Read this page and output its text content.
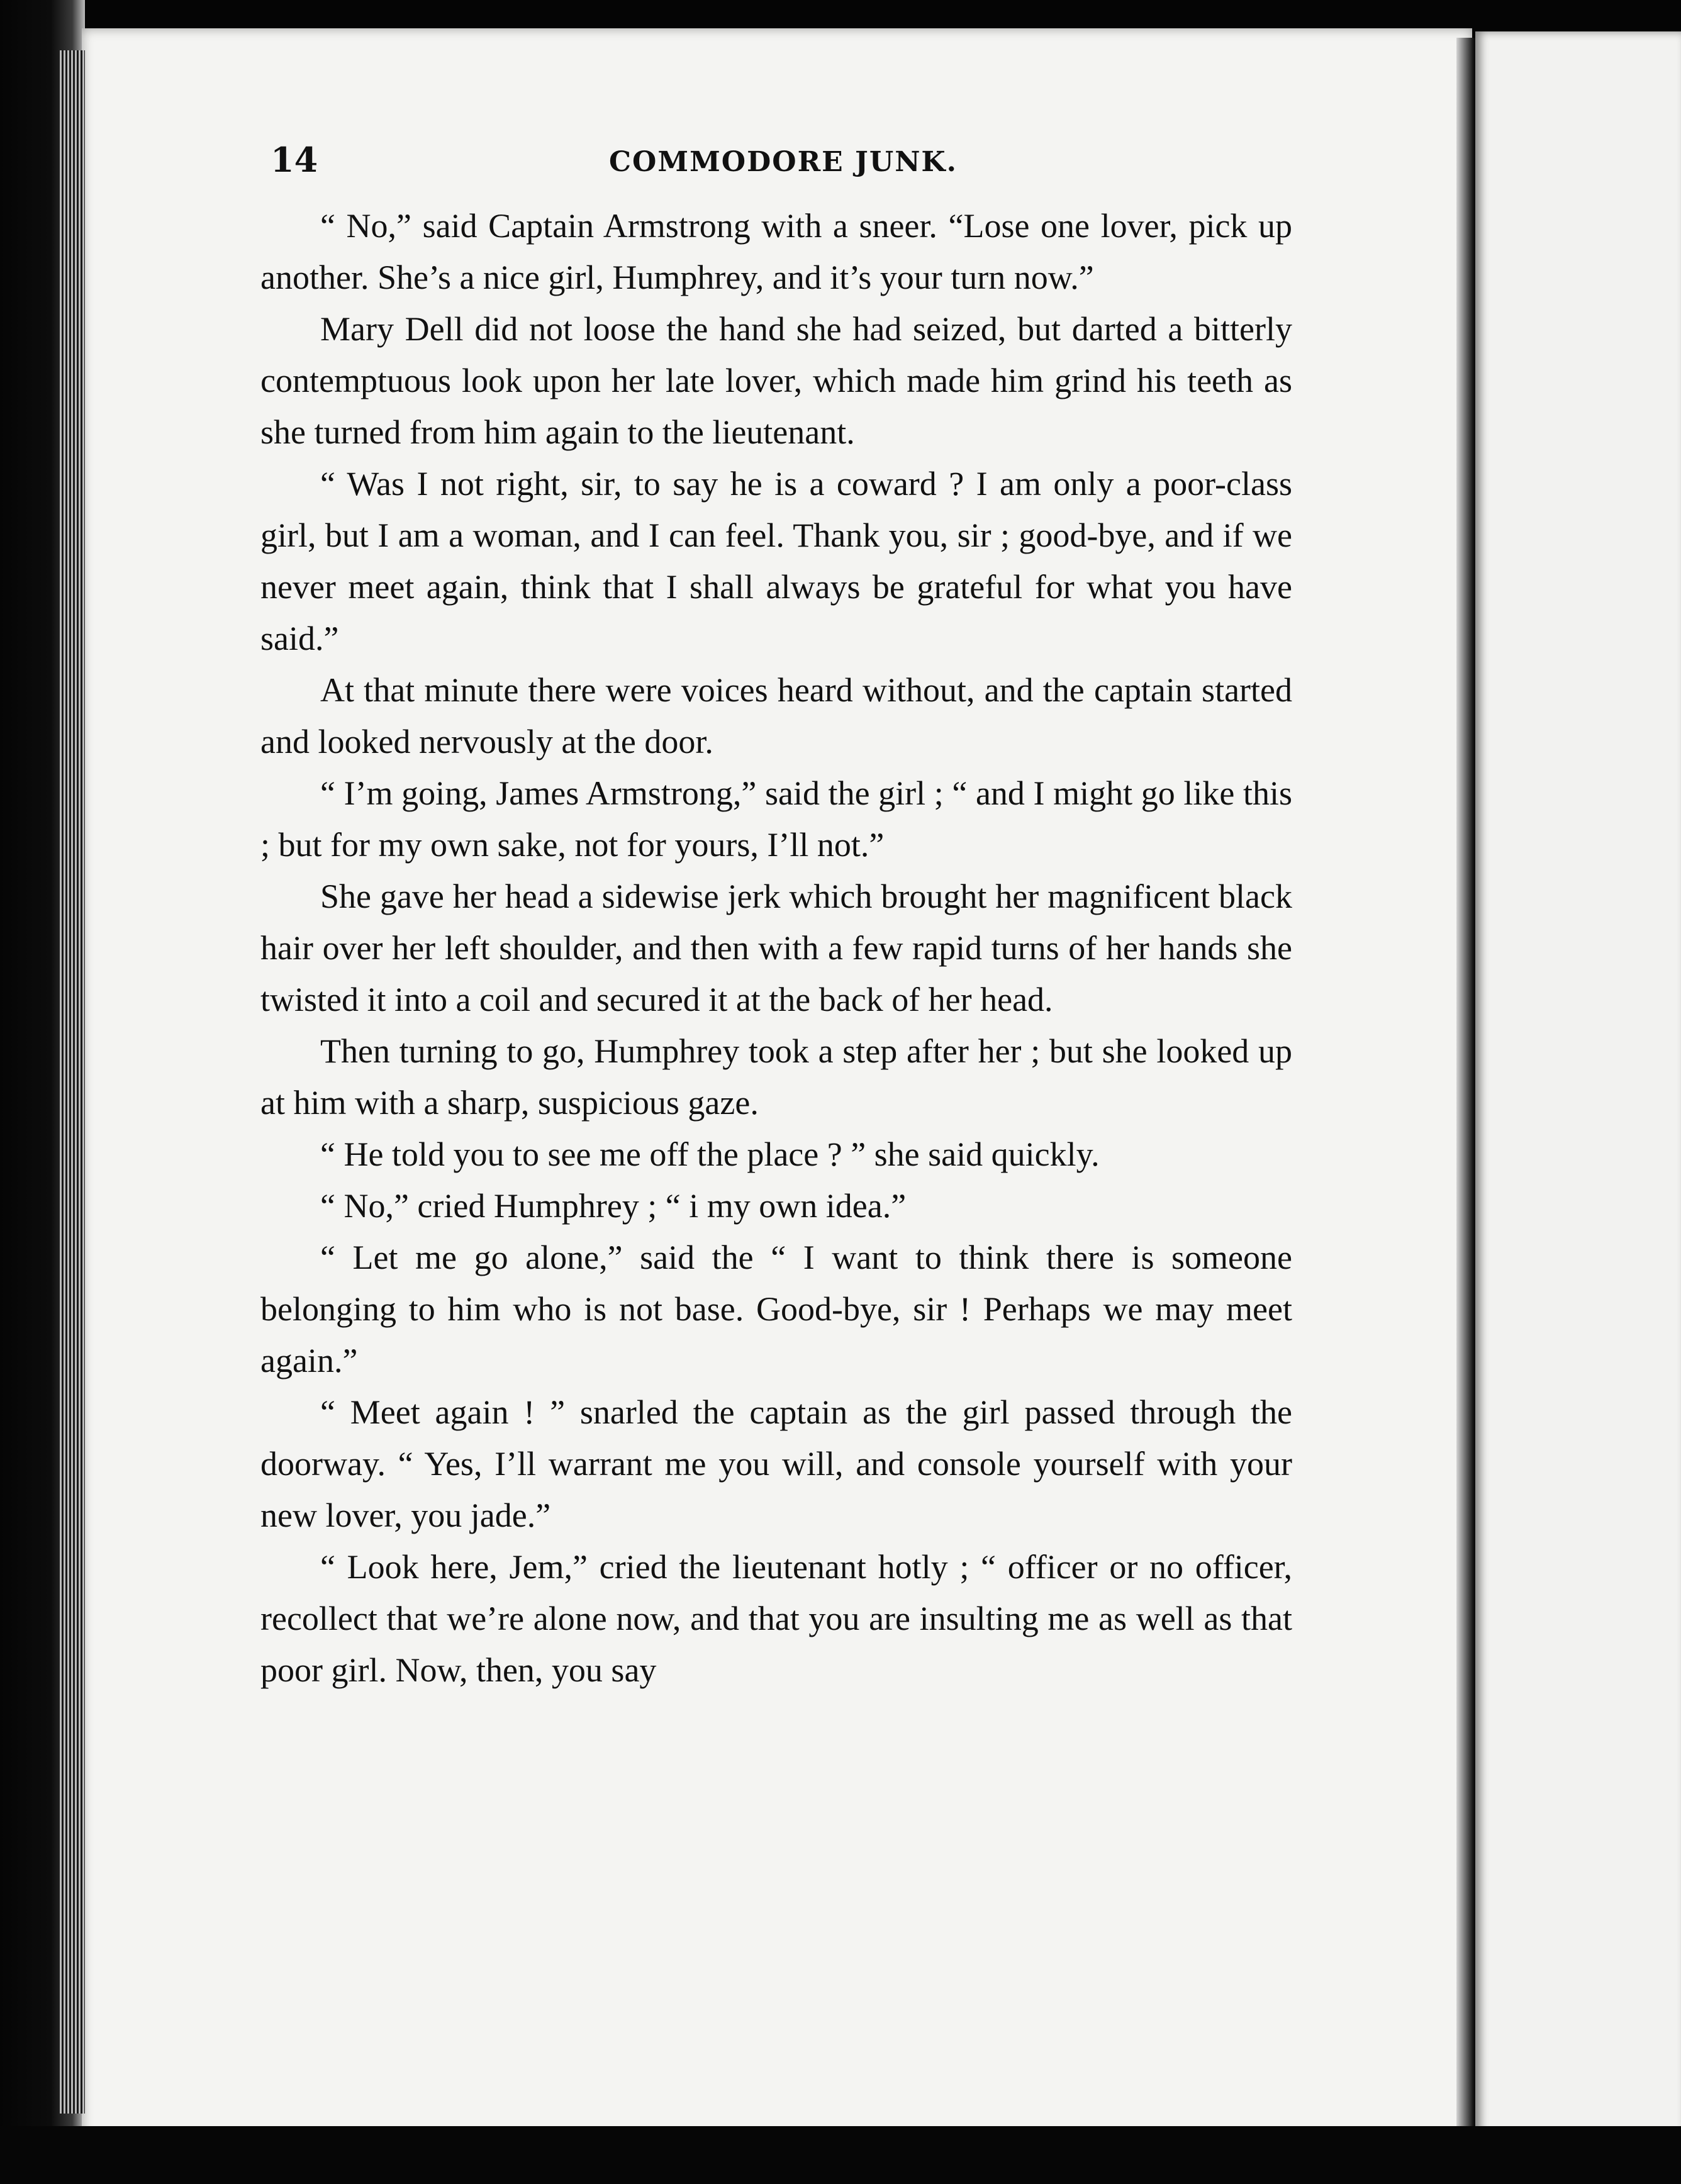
14	COMMODORE JUNK.

“ No,” said Captain Armstrong with a sneer. “Lose one lover, pick up another. She’s a nice girl, Humphrey, and it’s your turn now.”

Mary Dell did not loose the hand she had seized, but darted a bitterly contemptuous look upon her late lover, which made him grind his teeth as she turned from him again to the lieutenant.

“ Was I not right, sir, to say he is a coward ? I am only a poor-class girl, but I am a woman, and I can feel. Thank you, sir ; good-bye, and if we never meet again, think that I shall always be grateful for what you have said.”

At that minute there were voices heard without, and the captain started and looked nervously at the door.

“ I’m going, James Armstrong,” said the girl ; “ and I might go like this ; but for my own sake, not for yours, I’ll not.”

She gave her head a sidewise jerk which brought her magnificent black hair over her left shoulder, and then with a few rapid turns of her hands she twisted it into a coil and secured it at the back of her head.

Then turning to go, Humphrey took a step after her ; but she looked up at him with a sharp, suspicious gaze.

“ He told you to see me off the place ? ” she said quickly.

“ No,” cried Humphrey ; “ i my own idea.”

“ Let me go alone,” said the “ I want to think there is someone belonging to him who is not base. Good-bye, sir ! Perhaps we may meet again.”

“ Meet again ! ” snarled the captain as the girl passed through the doorway. “ Yes, I’ll warrant me you will, and console yourself with your new lover, you jade.”

“ Look here, Jem,” cried the lieutenant hotly ; “ officer or no officer, recollect that we’re alone now, and that you are insulting me as well as that poor girl. Now, then, you say
